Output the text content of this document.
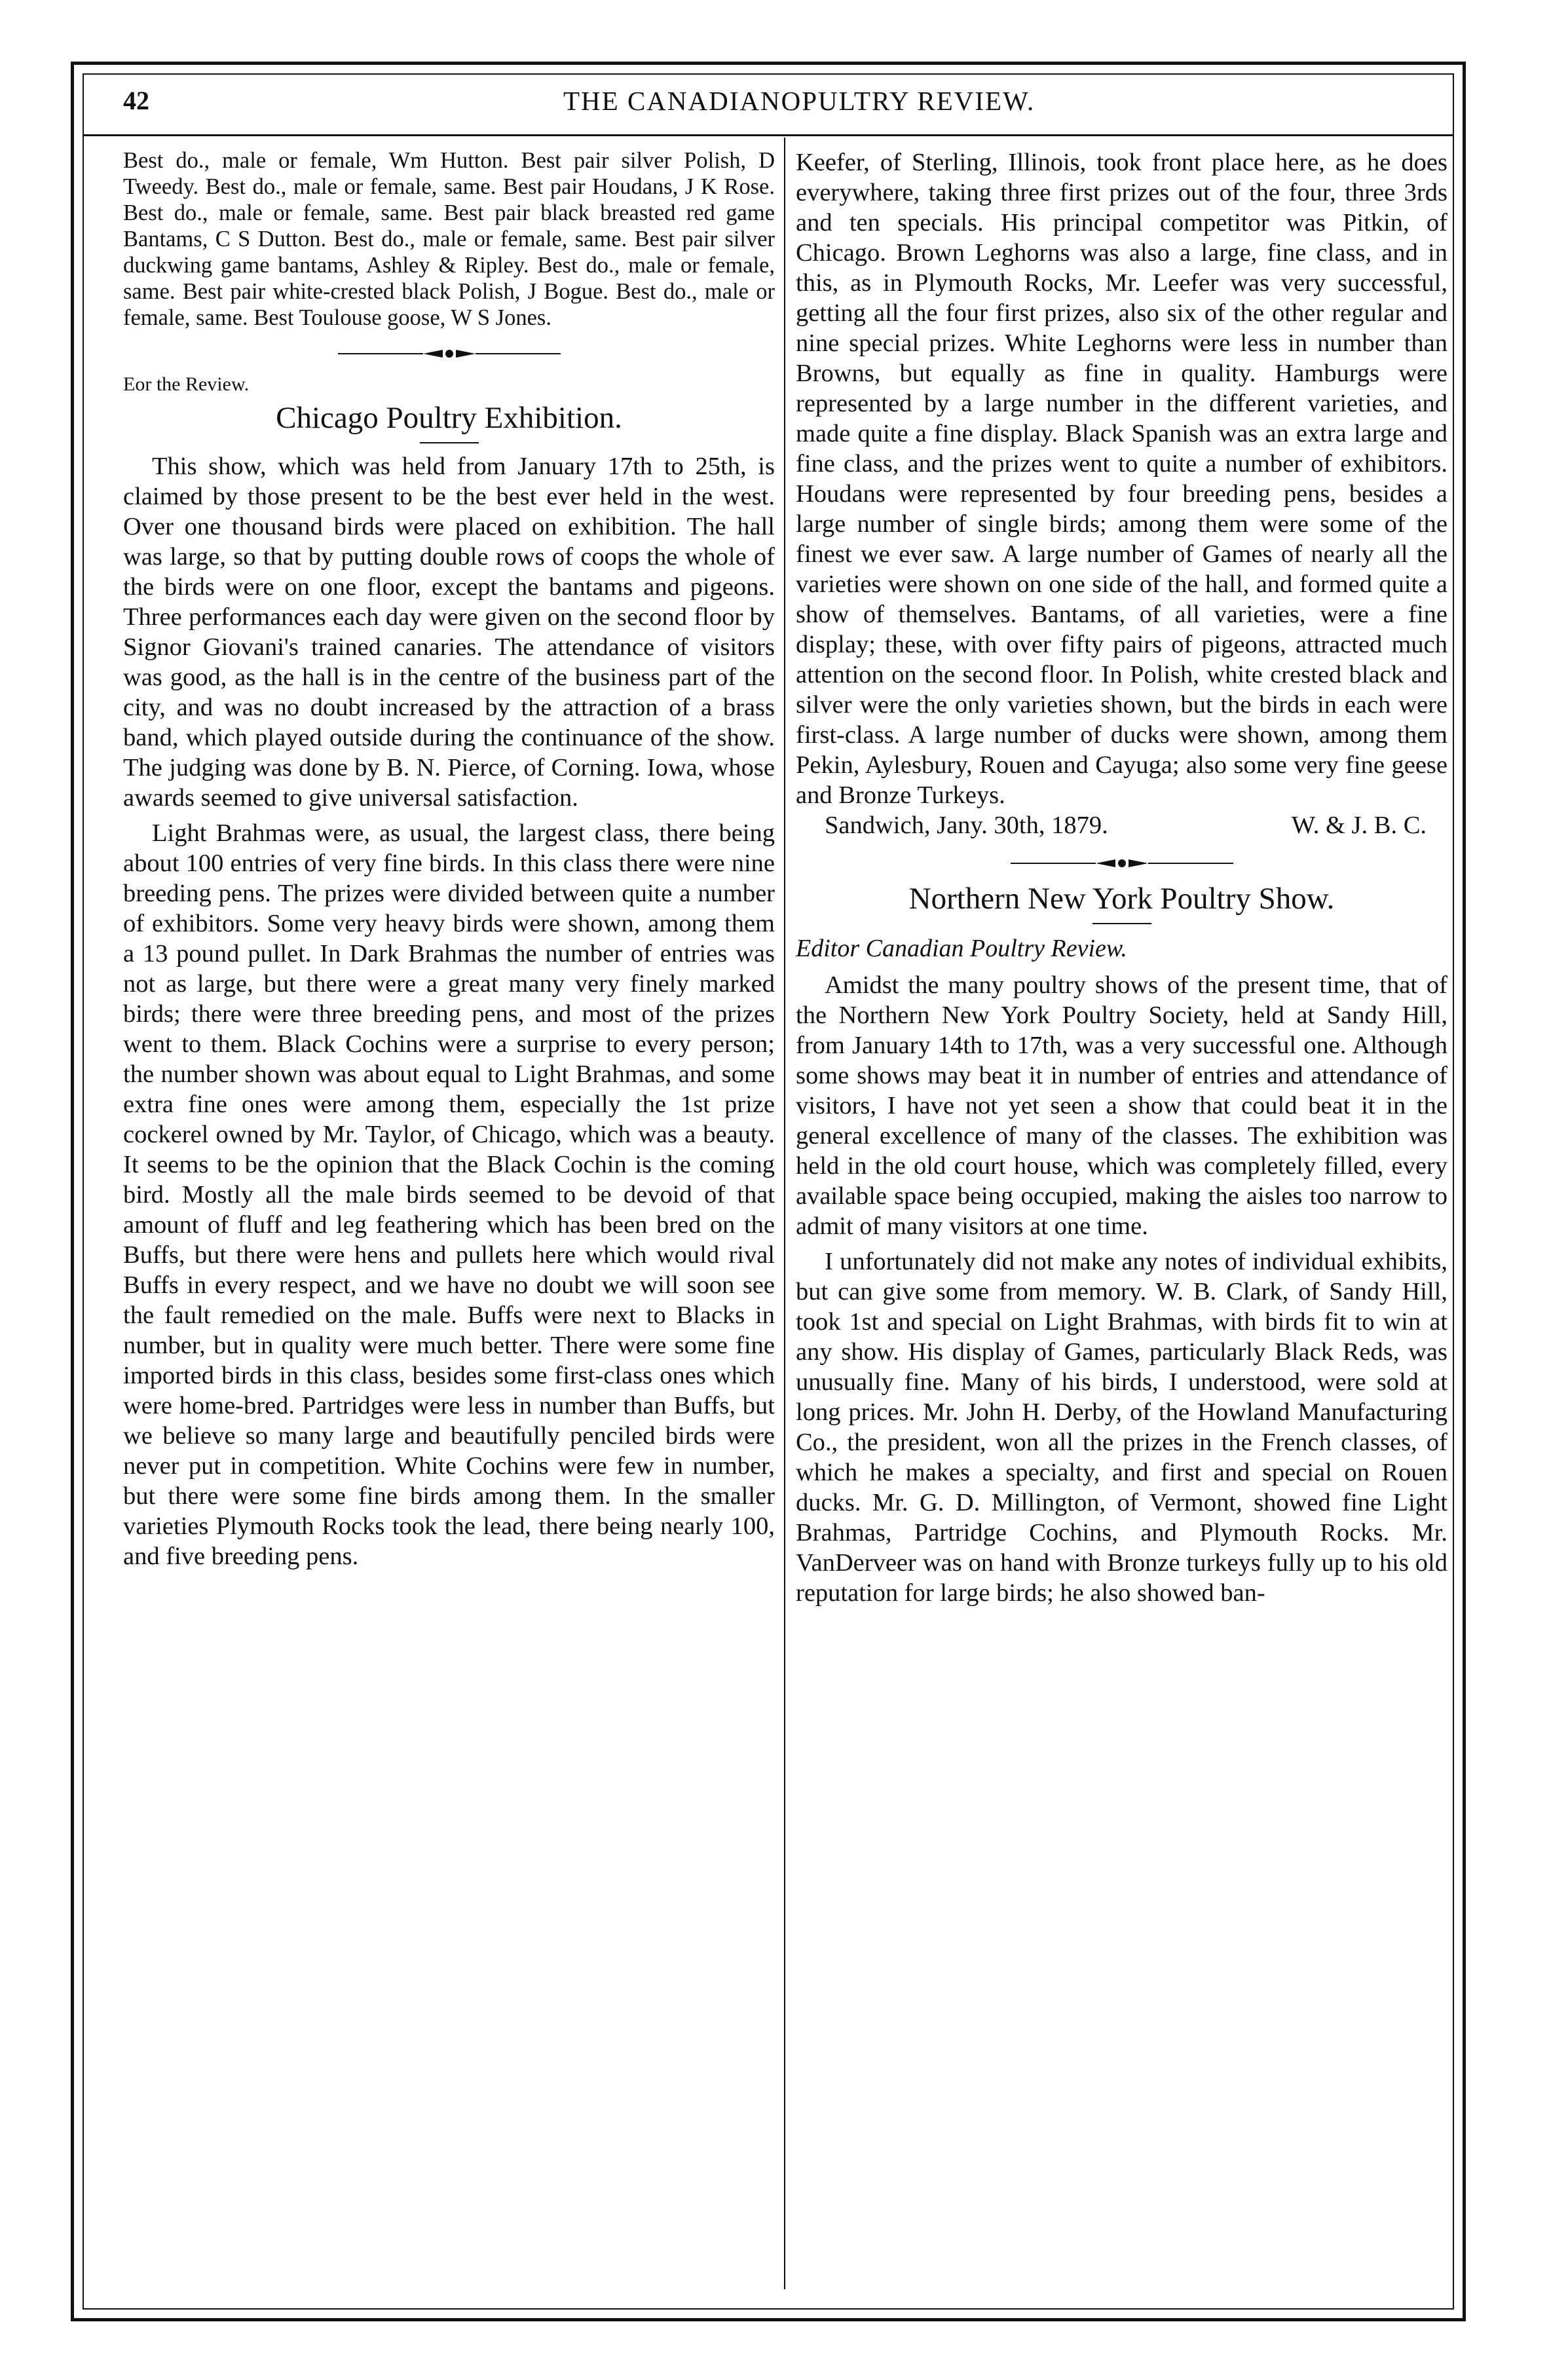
42	THE CANADIANOPULTRY REVIEW.

Best do., male or female, Wm Hutton. Best pair silver Polish, D Tweedy. Best do., male or female, same. Best pair Houdans, J K Rose. Best do., male or female, same. Best pair black breasted red game Bantams, C S Dutton. Best do., male or female, same. Best pair silver duckwing game bantams, Ashley & Ripley. Best do., male or female, same. Best pair white-crested black Polish, J Bogue. Best do., male or female, same. Best Toulouse goose, W S Jones.

Eor the Review.
Chicago Poultry Exhibition.

This show, which was held from January 17th to 25th, is claimed by those present to be the best ever held in the west. Over one thousand birds were placed on exhibition. The hall was large, so that by putting double rows of coops the whole of the birds were on one floor, except the bantams and pigeons. Three performances each day were given on the second floor by Signor Giovani's trained canaries. The attendance of visitors was good, as the hall is in the centre of the business part of the city, and was no doubt increased by the attraction of a brass band, which played outside during the continuance of the show. The judging was done by B. N. Pierce, of Corning. Iowa, whose awards seemed to give universal satisfaction.

Light Brahmas were, as usual, the largest class, there being about 100 entries of very fine birds. In this class there were nine breeding pens. The prizes were divided between quite a number of exhibitors. Some very heavy birds were shown, among them a 13 pound pullet. In Dark Brahmas the number of entries was not as large, but there were a great many very finely marked birds; there were three breeding pens, and most of the prizes went to them. Black Cochins were a surprise to every person; the number shown was about equal to Light Brahmas, and some extra fine ones were among them, especially the 1st prize cockerel owned by Mr. Taylor, of Chicago, which was a beauty. It seems to be the opinion that the Black Cochin is the coming bird. Mostly all the male birds seemed to be devoid of that amount of fluff and leg feathering which has been bred on the Buffs, but there were hens and pullets here which would rival Buffs in every respect, and we have no doubt we will soon see the fault remedied on the male. Buffs were next to Blacks in number, but in quality were much better. There were some fine imported birds in this class, besides some first-class ones which were home-bred. Partridges were less in number than Buffs, but we believe so many large and beautifully penciled birds were never put in competition. White Cochins were few in number, but there were some fine birds among them. In the smaller varieties Plymouth Rocks took the lead, there being nearly 100, and five breeding pens.

Keefer, of Sterling, Illinois, took front place here, as he does everywhere, taking three first prizes out of the four, three 3rds and ten specials. His principal competitor was Pitkin, of Chicago. Brown Leghorns was also a large, fine class, and in this, as in Plymouth Rocks, Mr. Leefer was very successful, getting all the four first prizes, also six of the other regular and nine special prizes. White Leghorns were less in number than Browns, but equally as fine in quality. Hamburgs were represented by a large number in the different varieties, and made quite a fine display. Black Spanish was an extra large and fine class, and the prizes went to quite a number of exhibitors. Houdans were represented by four breeding pens, besides a large number of single birds; among them were some of the finest we ever saw. A large number of Games of nearly all the varieties were shown on one side of the hall, and formed quite a show of themselves. Bantams, of all varieties, were a fine display; these, with over fifty pairs of pigeons, attracted much attention on the second floor. In Polish, white crested black and silver were the only varieties shown, but the birds in each were first-class. A large number of ducks were shown, among them Pekin, Aylesbury, Rouen and Cayuga; also some very fine geese and Bronze Turkeys.

Sandwich, Jany. 30th, 1879.	W. & J. B. C.
Northern New York Poultry Show.
Editor Canadian Poultry Review.

Amidst the many poultry shows of the present time, that of the Northern New York Poultry Society, held at Sandy Hill, from January 14th to 17th, was a very successful one. Although some shows may beat it in number of entries and attendance of visitors, I have not yet seen a show that could beat it in the general excellence of many of the classes. The exhibition was held in the old court house, which was completely filled, every available space being occupied, making the aisles too narrow to admit of many visitors at one time.

I unfortunately did not make any notes of individual exhibits, but can give some from memory. W. B. Clark, of Sandy Hill, took 1st and special on Light Brahmas, with birds fit to win at any show. His display of Games, particularly Black Reds, was unusually fine. Many of his birds, I understood, were sold at long prices. Mr. John H. Derby, of the Howland Manufacturing Co., the president, won all the prizes in the French classes, of which he makes a specialty, and first and special on Rouen ducks. Mr. G. D. Millington, of Vermont, showed fine Light Brahmas, Partridge Cochins, and Plymouth Rocks. Mr. VanDerveer was on hand with Bronze turkeys fully up to his old reputation for large birds; he also showed ban-
